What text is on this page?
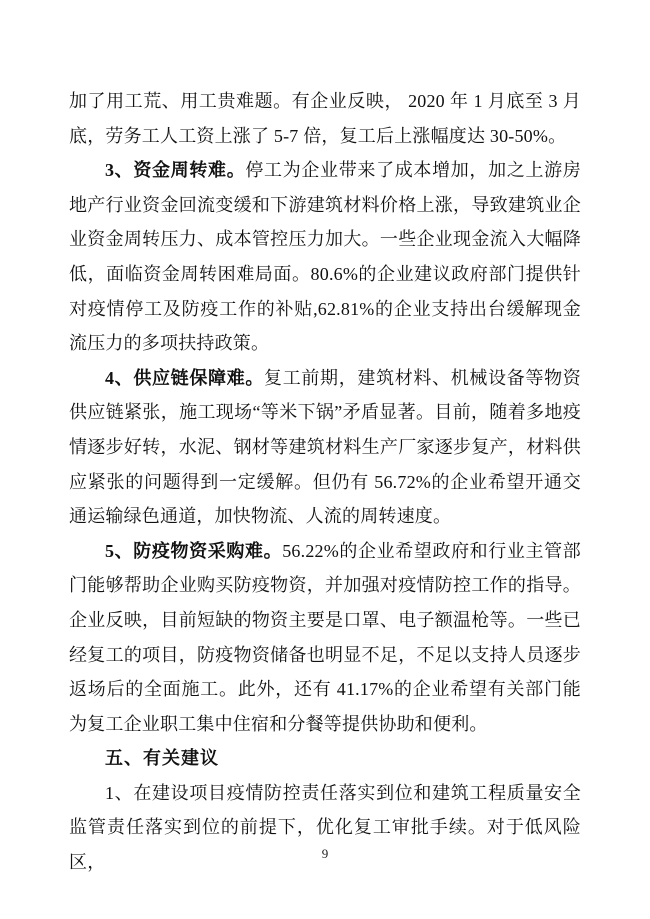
加了用工荒、用工贵难题。有企业反映， 2020 年 1 月底至 3 月底，劳务工人工资上涨了 5-7 倍，复工后上涨幅度达 30-50%。

3、资金周转难。停工为企业带来了成本增加，加之上游房地产行业资金回流变缓和下游建筑材料价格上涨，导致建筑业企业资金周转压力、成本管控压力加大。一些企业现金流入大幅降低，面临资金周转困难局面。80.6%的企业建议政府部门提供针对疫情停工及防疫工作的补贴,62.81%的企业支持出台缓解现金流压力的多项扶持政策。

4、供应链保障难。复工前期，建筑材料、机械设备等物资供应链紧张，施工现场“等米下锅”矛盾显著。目前，随着多地疫情逐步好转，水泥、钢材等建筑材料生产厂家逐步复产，材料供应紧张的问题得到一定缓解。但仍有 56.72%的企业希望开通交通运输绿色通道，加快物流、人流的周转速度。

5、防疫物资采购难。56.22%的企业希望政府和行业主管部门能够帮助企业购买防疫物资，并加强对疫情防控工作的指导。企业反映，目前短缺的物资主要是口罩、电子额温枪等。一些已经复工的项目，防疫物资储备也明显不足，不足以支持人员逐步返场后的全面施工。此外，还有 41.17%的企业希望有关部门能为复工企业职工集中住宿和分餐等提供协助和便利。

五、有关建议

1、在建设项目疫情防控责任落实到位和建筑工程质量安全监管责任落实到位的前提下，优化复工审批手续。对于低风险区，	9
